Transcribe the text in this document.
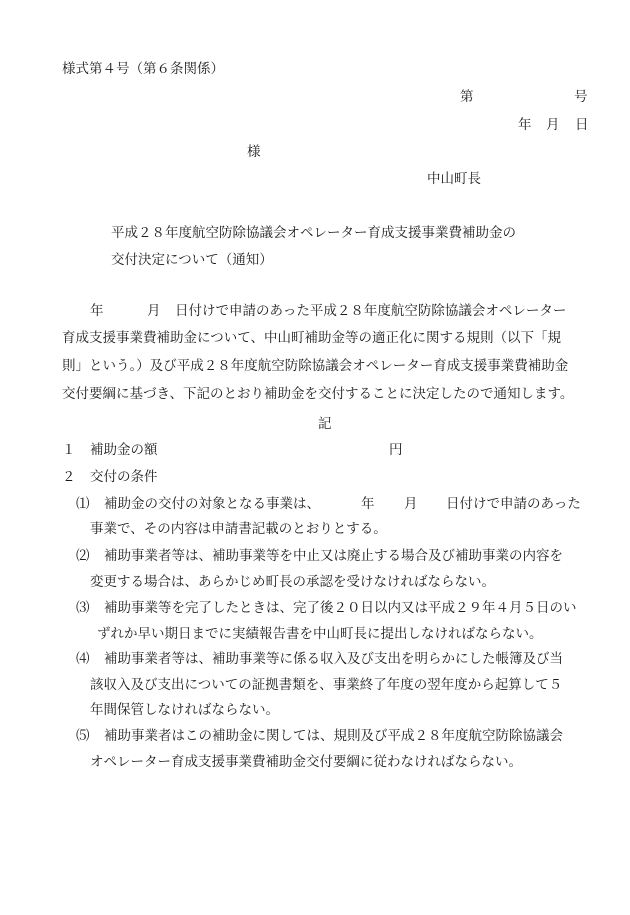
様式第４号（第６条関係）
第	号
年 月 日
様
中山町長
平成２８年度航空防除協議会オペレーター育成支援事業費補助金の
交付決定について（通知）
年	月 日付けで申請のあった平成２８年度航空防除協議会オペレーター
育成支援事業費補助金について、中山町補助金等の適正化に関する規則（以下「規
則」という。）及び平成２８年度航空防除協議会オペレーター育成支援事業費補助金
交付要綱に基づき、下記のとおり補助金を交付することに決定したので通知します。
記
１ 補助金の額	円
２ 交付の条件
⑴ 補助金の交付の対象となる事業は、	年 月 日付けで申請のあった
事業で、その内容は申請書記載のとおりとする。
⑵ 補助事業者等は、補助事業等を中止又は廃止する場合及び補助事業の内容を
変更する場合は、あらかじめ町長の承認を受けなければならない。
⑶ 補助事業等を完了したときは、完了後２０日以内又は平成２９年４月５日のい
ずれか早い期日までに実績報告書を中山町長に提出しなければならない。
⑷ 補助事業者等は、補助事業等に係る収入及び支出を明らかにした帳簿及び当
該収入及び支出についての証拠書類を、事業終了年度の翌年度から起算して５
年間保管しなければならない。
⑸ 補助事業者はこの補助金に関しては、規則及び平成２８年度航空防除協議会
オペレーター育成支援事業費補助金交付要綱に従わなければならない。
